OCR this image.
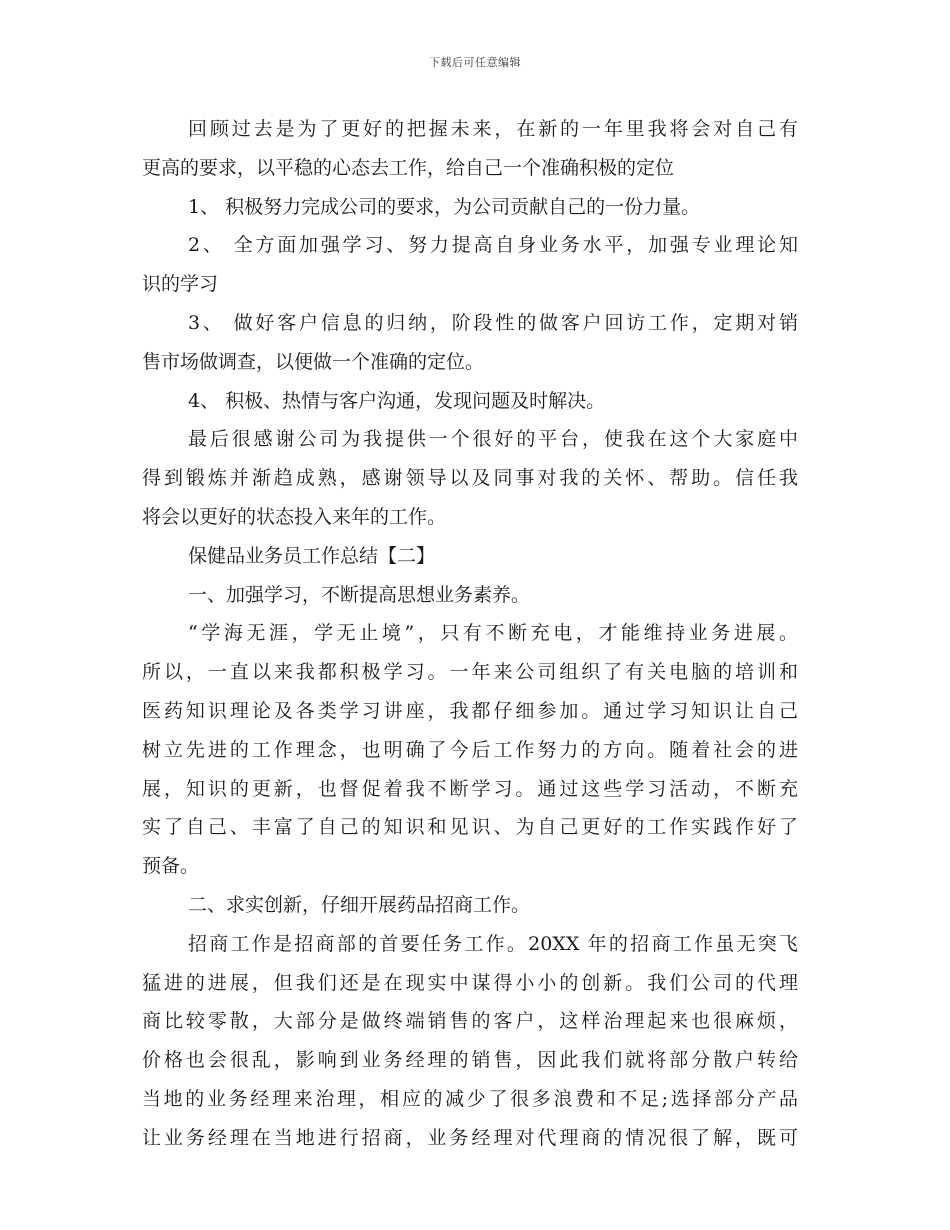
下载后可任意编辑
回顾过去是为了更好的把握未来，在新的一年里我将会对自己有
更高的要求，以平稳的心态去工作，给自己一个准确积极的定位
1、 积极努力完成公司的要求，为公司贡献自己的一份力量。
2、 全方面加强学习、努力提高自身业务水平，加强专业理论知
识的学习
3、 做好客户信息的归纳，阶段性的做客户回访工作，定期对销
售市场做调查，以便做一个准确的定位。
4、 积极、热情与客户沟通，发现问题及时解决。
最后很感谢公司为我提供一个很好的平台，使我在这个大家庭中
得到锻炼并渐趋成熟，感谢领导以及同事对我的关怀、帮助。信任我
将会以更好的状态投入来年的工作。
保健品业务员工作总结【二】
一、加强学习，不断提高思想业务素养。
“学海无涯，学无止境”，只有不断充电，才能维持业务进展。
所以，一直以来我都积极学习。一年来公司组织了有关电脑的培训和
医药知识理论及各类学习讲座，我都仔细参加。通过学习知识让自己
树立先进的工作理念，也明确了今后工作努力的方向。随着社会的进
展，知识的更新，也督促着我不断学习。通过这些学习活动，不断充
实了自己、丰富了自己的知识和见识、为自己更好的工作实践作好了
预备。
二、求实创新，仔细开展药品招商工作。
招商工作是招商部的首要任务工作。20XX 年的招商工作虽无突飞
猛进的进展，但我们还是在现实中谋得小小的创新。我们公司的代理
商比较零散，大部分是做终端销售的客户，这样治理起来也很麻烦，
价格也会很乱，影响到业务经理的销售，因此我们就将部分散户转给
当地的业务经理来治理，相应的减少了很多浪费和不足;选择部分产品
让业务经理在当地进行招商，业务经理对代理商的情况很了解，既可
